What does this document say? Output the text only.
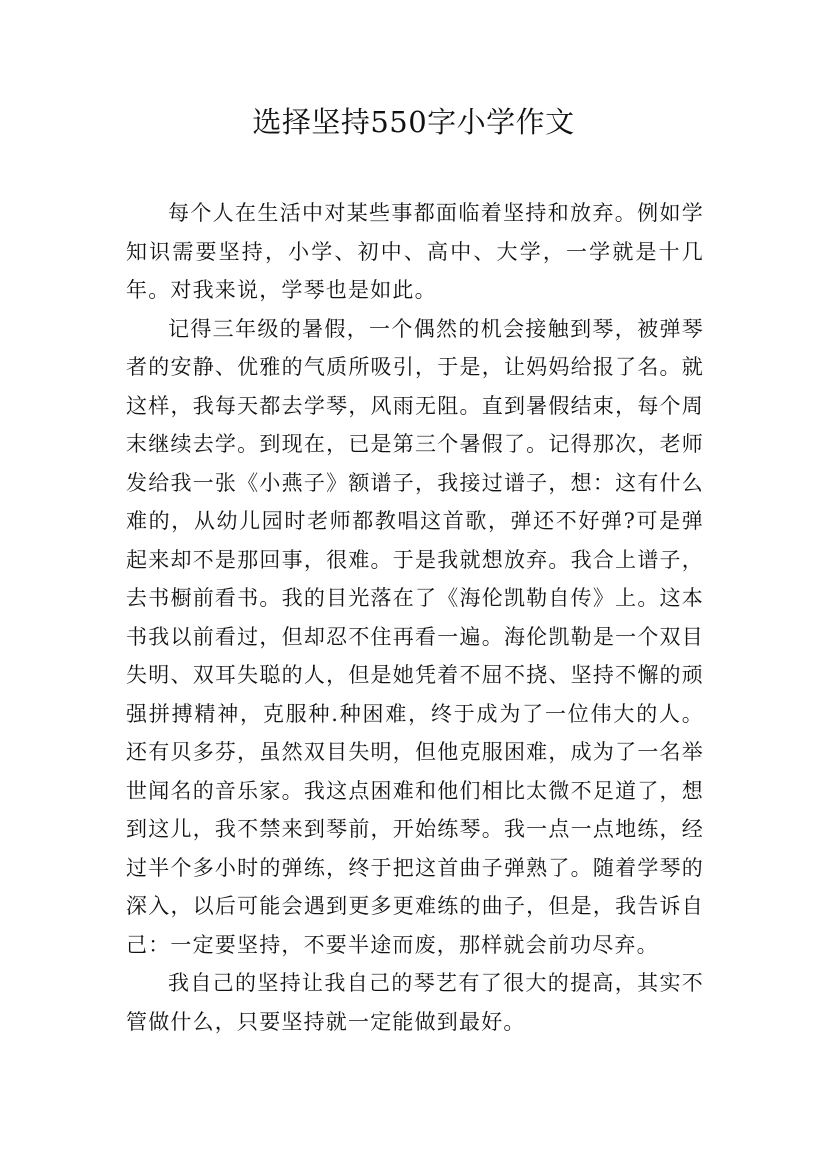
选择坚持550字小学作文

每个人在生活中对某些事都面临着坚持和放弃。例如学知识需要坚持，小学、初中、高中、大学，一学就是十几年。对我来说，学琴也是如此。

记得三年级的暑假，一个偶然的机会接触到琴，被弹琴者的安静、优雅的气质所吸引，于是，让妈妈给报了名。就这样，我每天都去学琴，风雨无阻。直到暑假结束，每个周末继续去学。到现在，已是第三个暑假了。记得那次，老师发给我一张《小燕子》额谱子，我接过谱子，想：这有什么难的，从幼儿园时老师都教唱这首歌，弹还不好弹?可是弹起来却不是那回事，很难。于是我就想放弃。我合上谱子，去书橱前看书。我的目光落在了《海伦凯勒自传》上。这本书我以前看过，但却忍不住再看一遍。海伦凯勒是一个双目失明、双耳失聪的人，但是她凭着不屈不挠、坚持不懈的顽强拼搏精神，克服种.种困难，终于成为了一位伟大的人。还有贝多芬，虽然双目失明，但他克服困难，成为了一名举世闻名的音乐家。我这点困难和他们相比太微不足道了，想到这儿，我不禁来到琴前，开始练琴。我一点一点地练，经过半个多小时的弹练，终于把这首曲子弹熟了。随着学琴的深入，以后可能会遇到更多更难练的曲子，但是，我告诉自己：一定要坚持，不要半途而废，那样就会前功尽弃。

我自己的坚持让我自己的琴艺有了很大的提高，其实不管做什么，只要坚持就一定能做到最好。
